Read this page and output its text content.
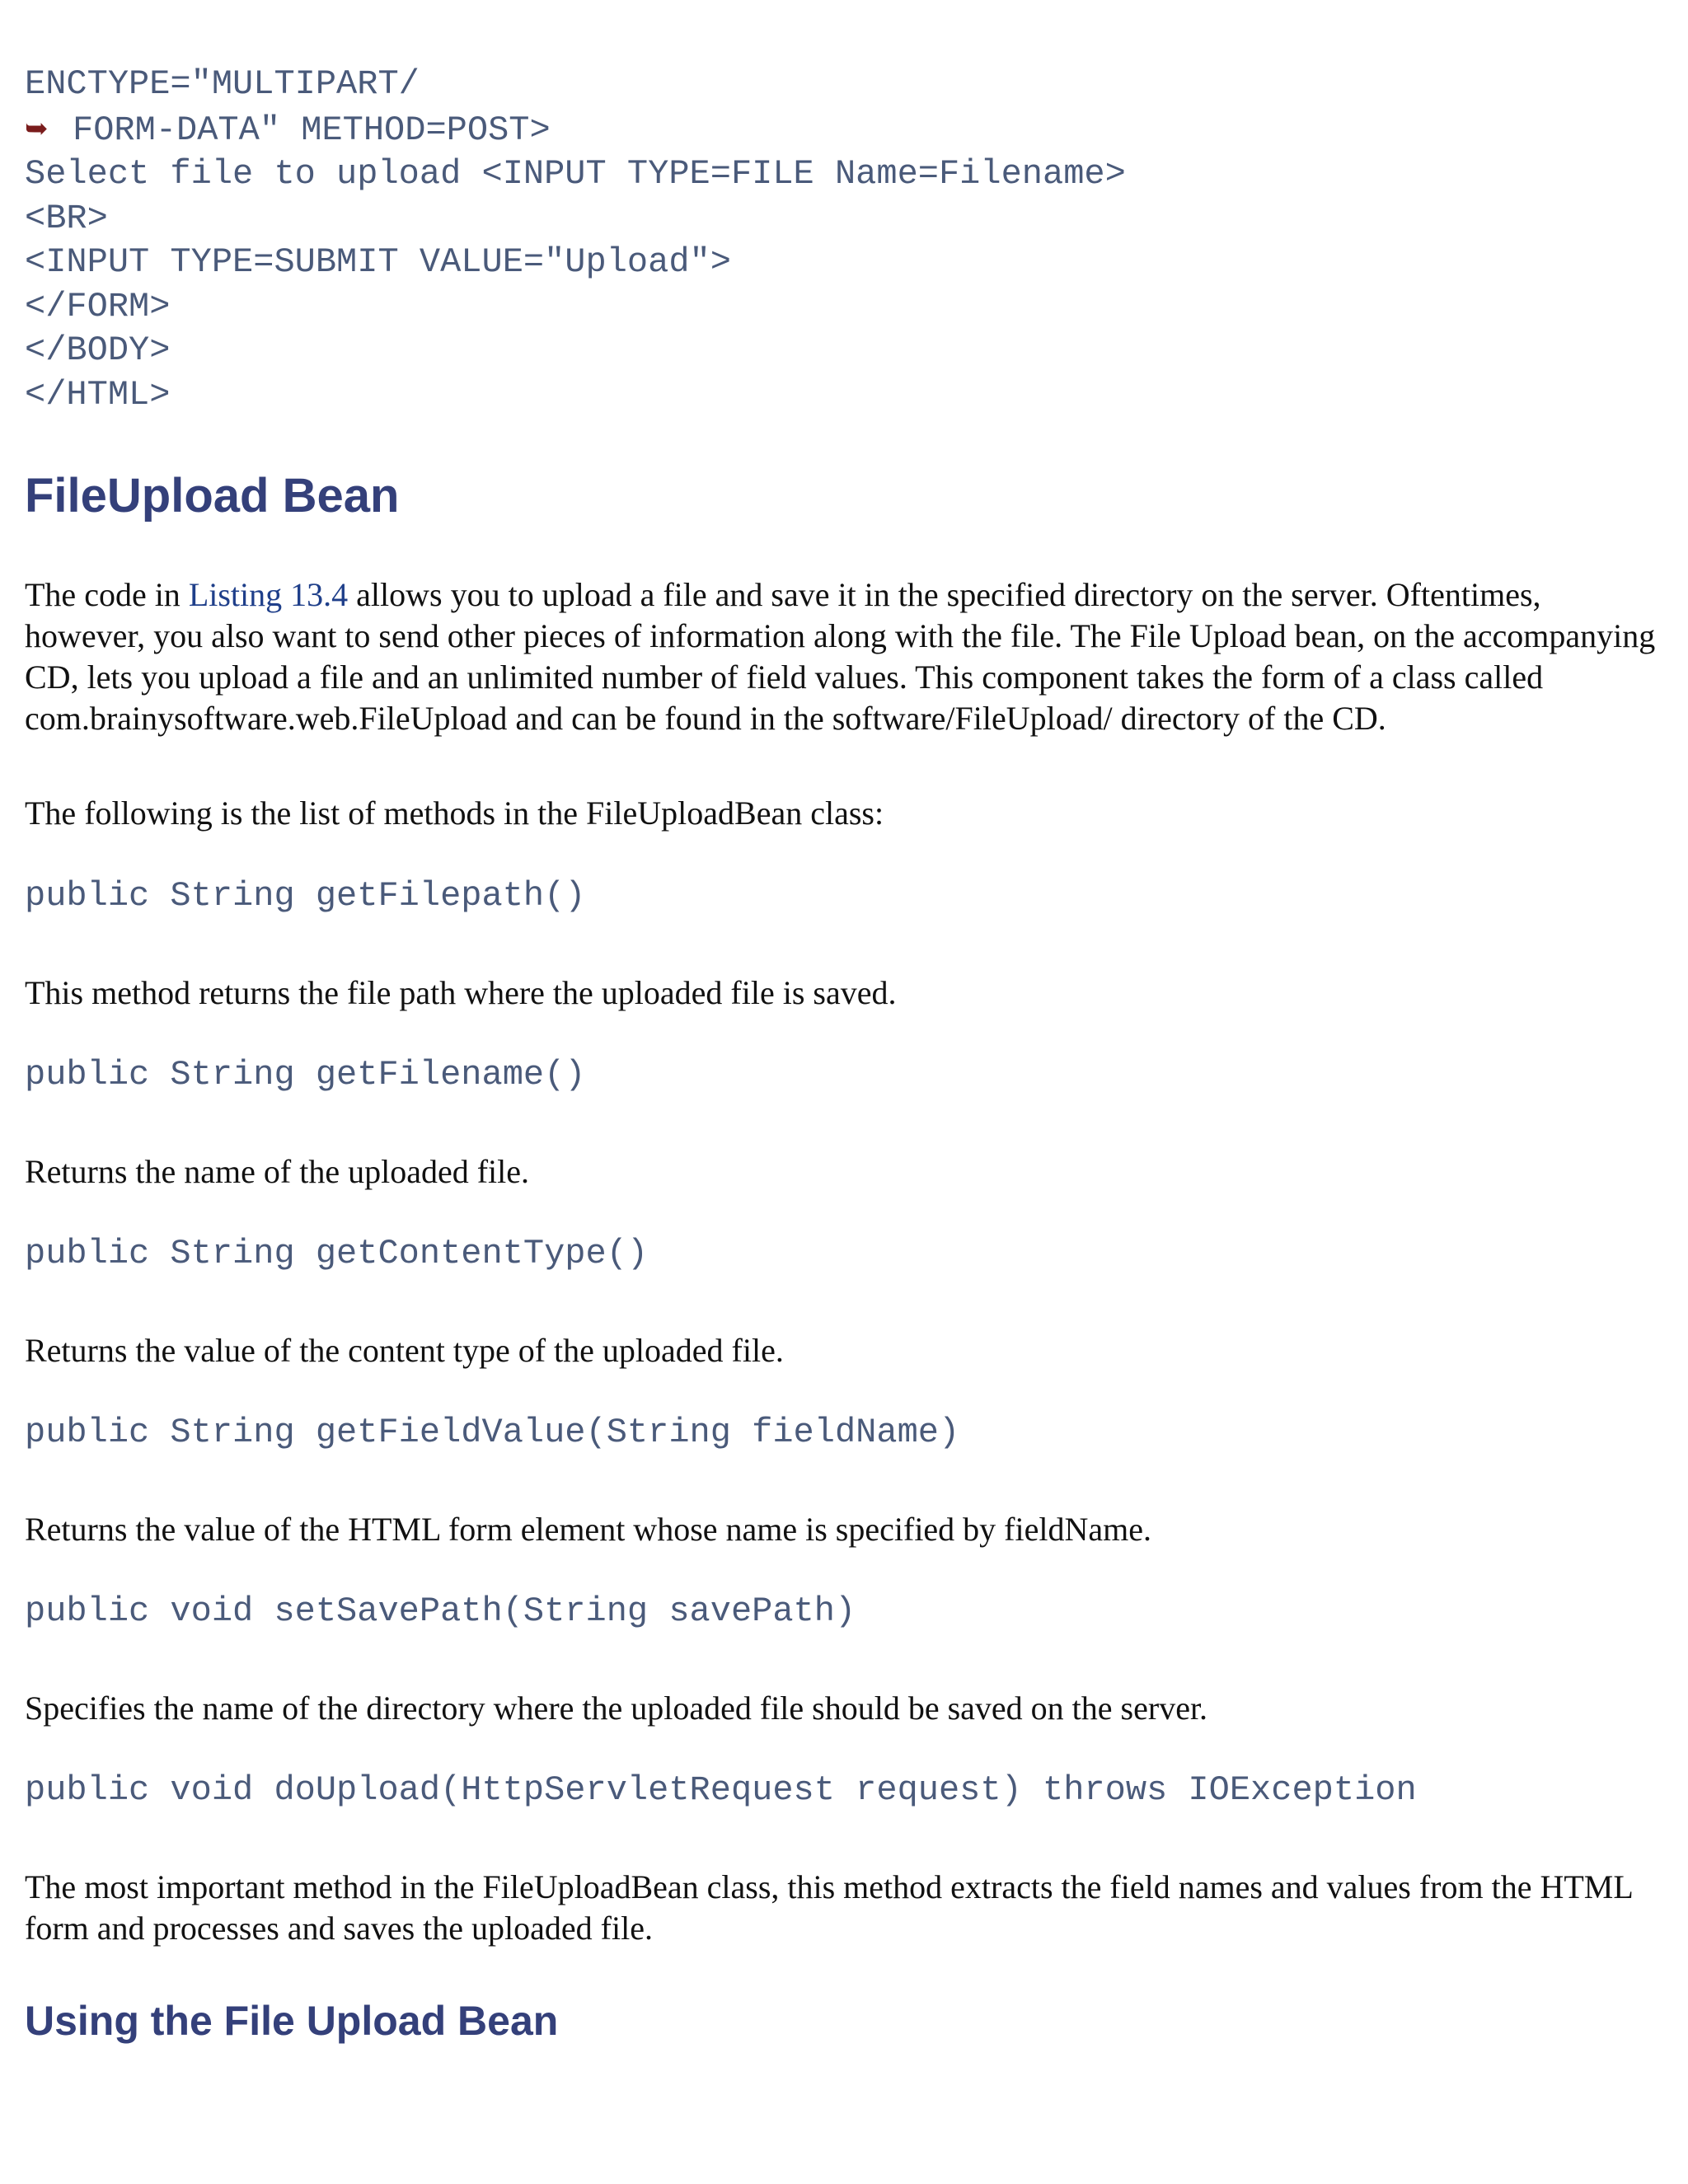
ENCTYPE="MULTIPART/
➥ FORM-DATA" METHOD=POST>
Select file to upload <INPUT TYPE=FILE Name=Filename>
<BR>
<INPUT TYPE=SUBMIT VALUE="Upload">
</FORM>
</BODY>
</HTML>
FileUpload Bean

The code in Listing 13.4 allows you to upload a file and save it in the specified directory on the server. Oftentimes, however, you also want to send other pieces of information along with the file. The File Upload bean, on the accompanying CD, lets you upload a file and an unlimited number of field values. This component takes the form of a class called com.brainysoftware.web.FileUpload and can be found in the software/FileUpload/ directory of the CD.

The following is the list of methods in the FileUploadBean class:

public String getFilepath()

This method returns the file path where the uploaded file is saved.

public String getFilename()

Returns the name of the uploaded file.

public String getContentType()

Returns the value of the content type of the uploaded file.

public String getFieldValue(String fieldName)

Returns the value of the HTML form element whose name is specified by fieldName.

public void setSavePath(String savePath)

Specifies the name of the directory where the uploaded file should be saved on the server.

public void doUpload(HttpServletRequest request) throws IOException

The most important method in the FileUploadBean class, this method extracts the field names and values from the HTML form and processes and saves the uploaded file.

Using the File Upload Bean
